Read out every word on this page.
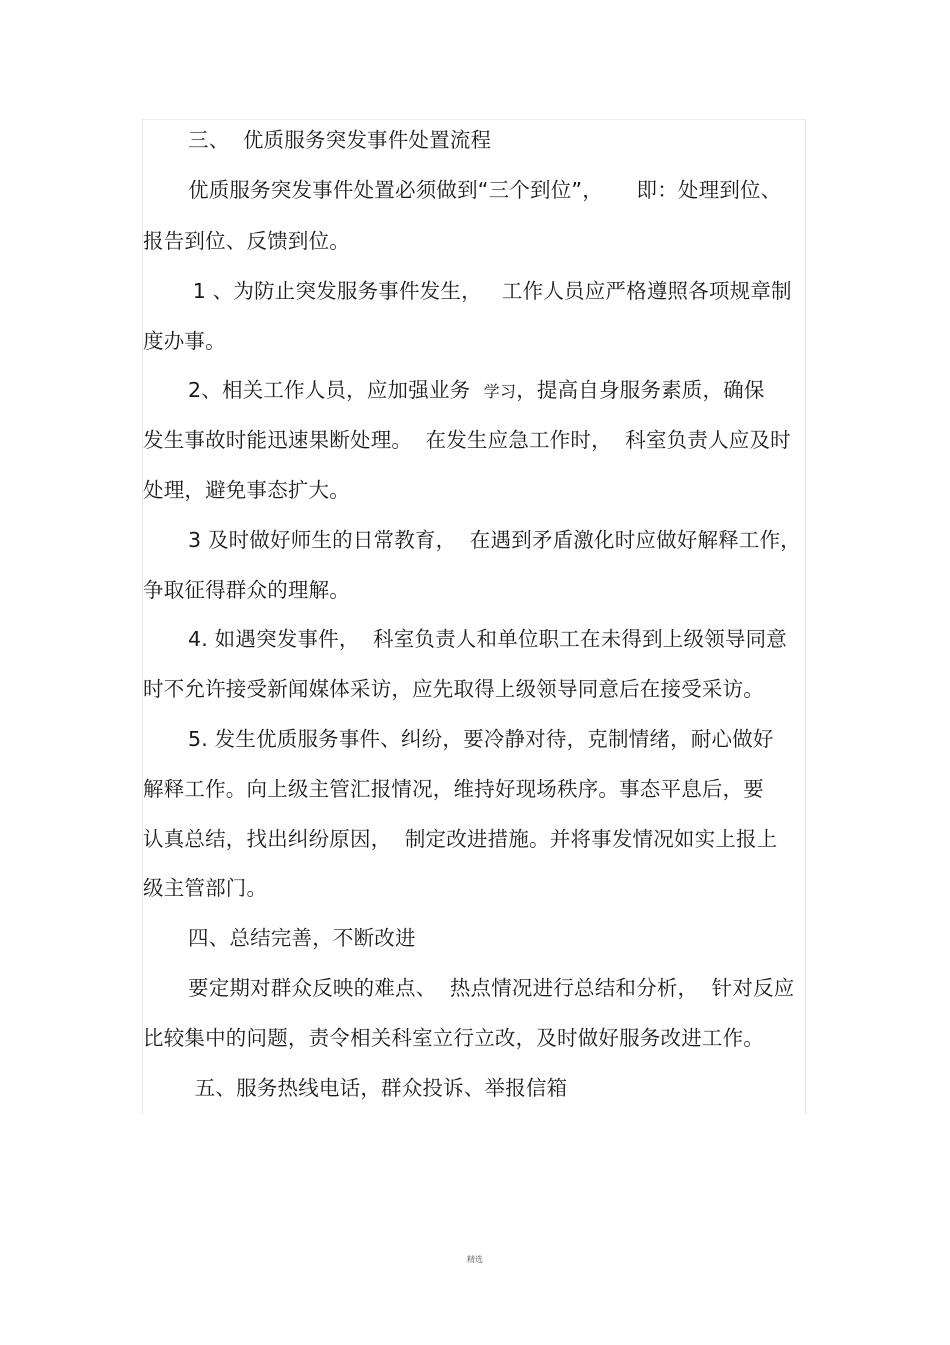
三、  优质服务突发事件处置流程
优质服务突发事件处置必须做到“三个到位”，     即：处理到位、
报告到位、反馈到位。
1 、为防止突发服务事件发生，   工作人员应严格遵照各项规章制
度办事。
2、相关工作人员，应加强业务  学习，提高自身服务素质，确保
发生事故时能迅速果断处理。  在发生应急工作时，  科室负责人应及时
处理，避免事态扩大。
3 及时做好师生的日常教育，  在遇到矛盾激化时应做好解释工作，
争取征得群众的理解。
4. 如遇突发事件，  科室负责人和单位职工在未得到上级领导同意
时不允许接受新闻媒体采访，应先取得上级领导同意后在接受采访。
5. 发生优质服务事件、纠纷，要冷静对待，克制情绪，耐心做好
解释工作。向上级主管汇报情况，维持好现场秩序。事态平息后，要
认真总结，找出纠纷原因，  制定改进措施。并将事发情况如实上报上
级主管部门。
四、总结完善，不断改进
要定期对群众反映的难点、  热点情况进行总结和分析，  针对反应
比较集中的问题，责令相关科室立行立改，及时做好服务改进工作。
五、服务热线电话，群众投诉、举报信箱
精选
